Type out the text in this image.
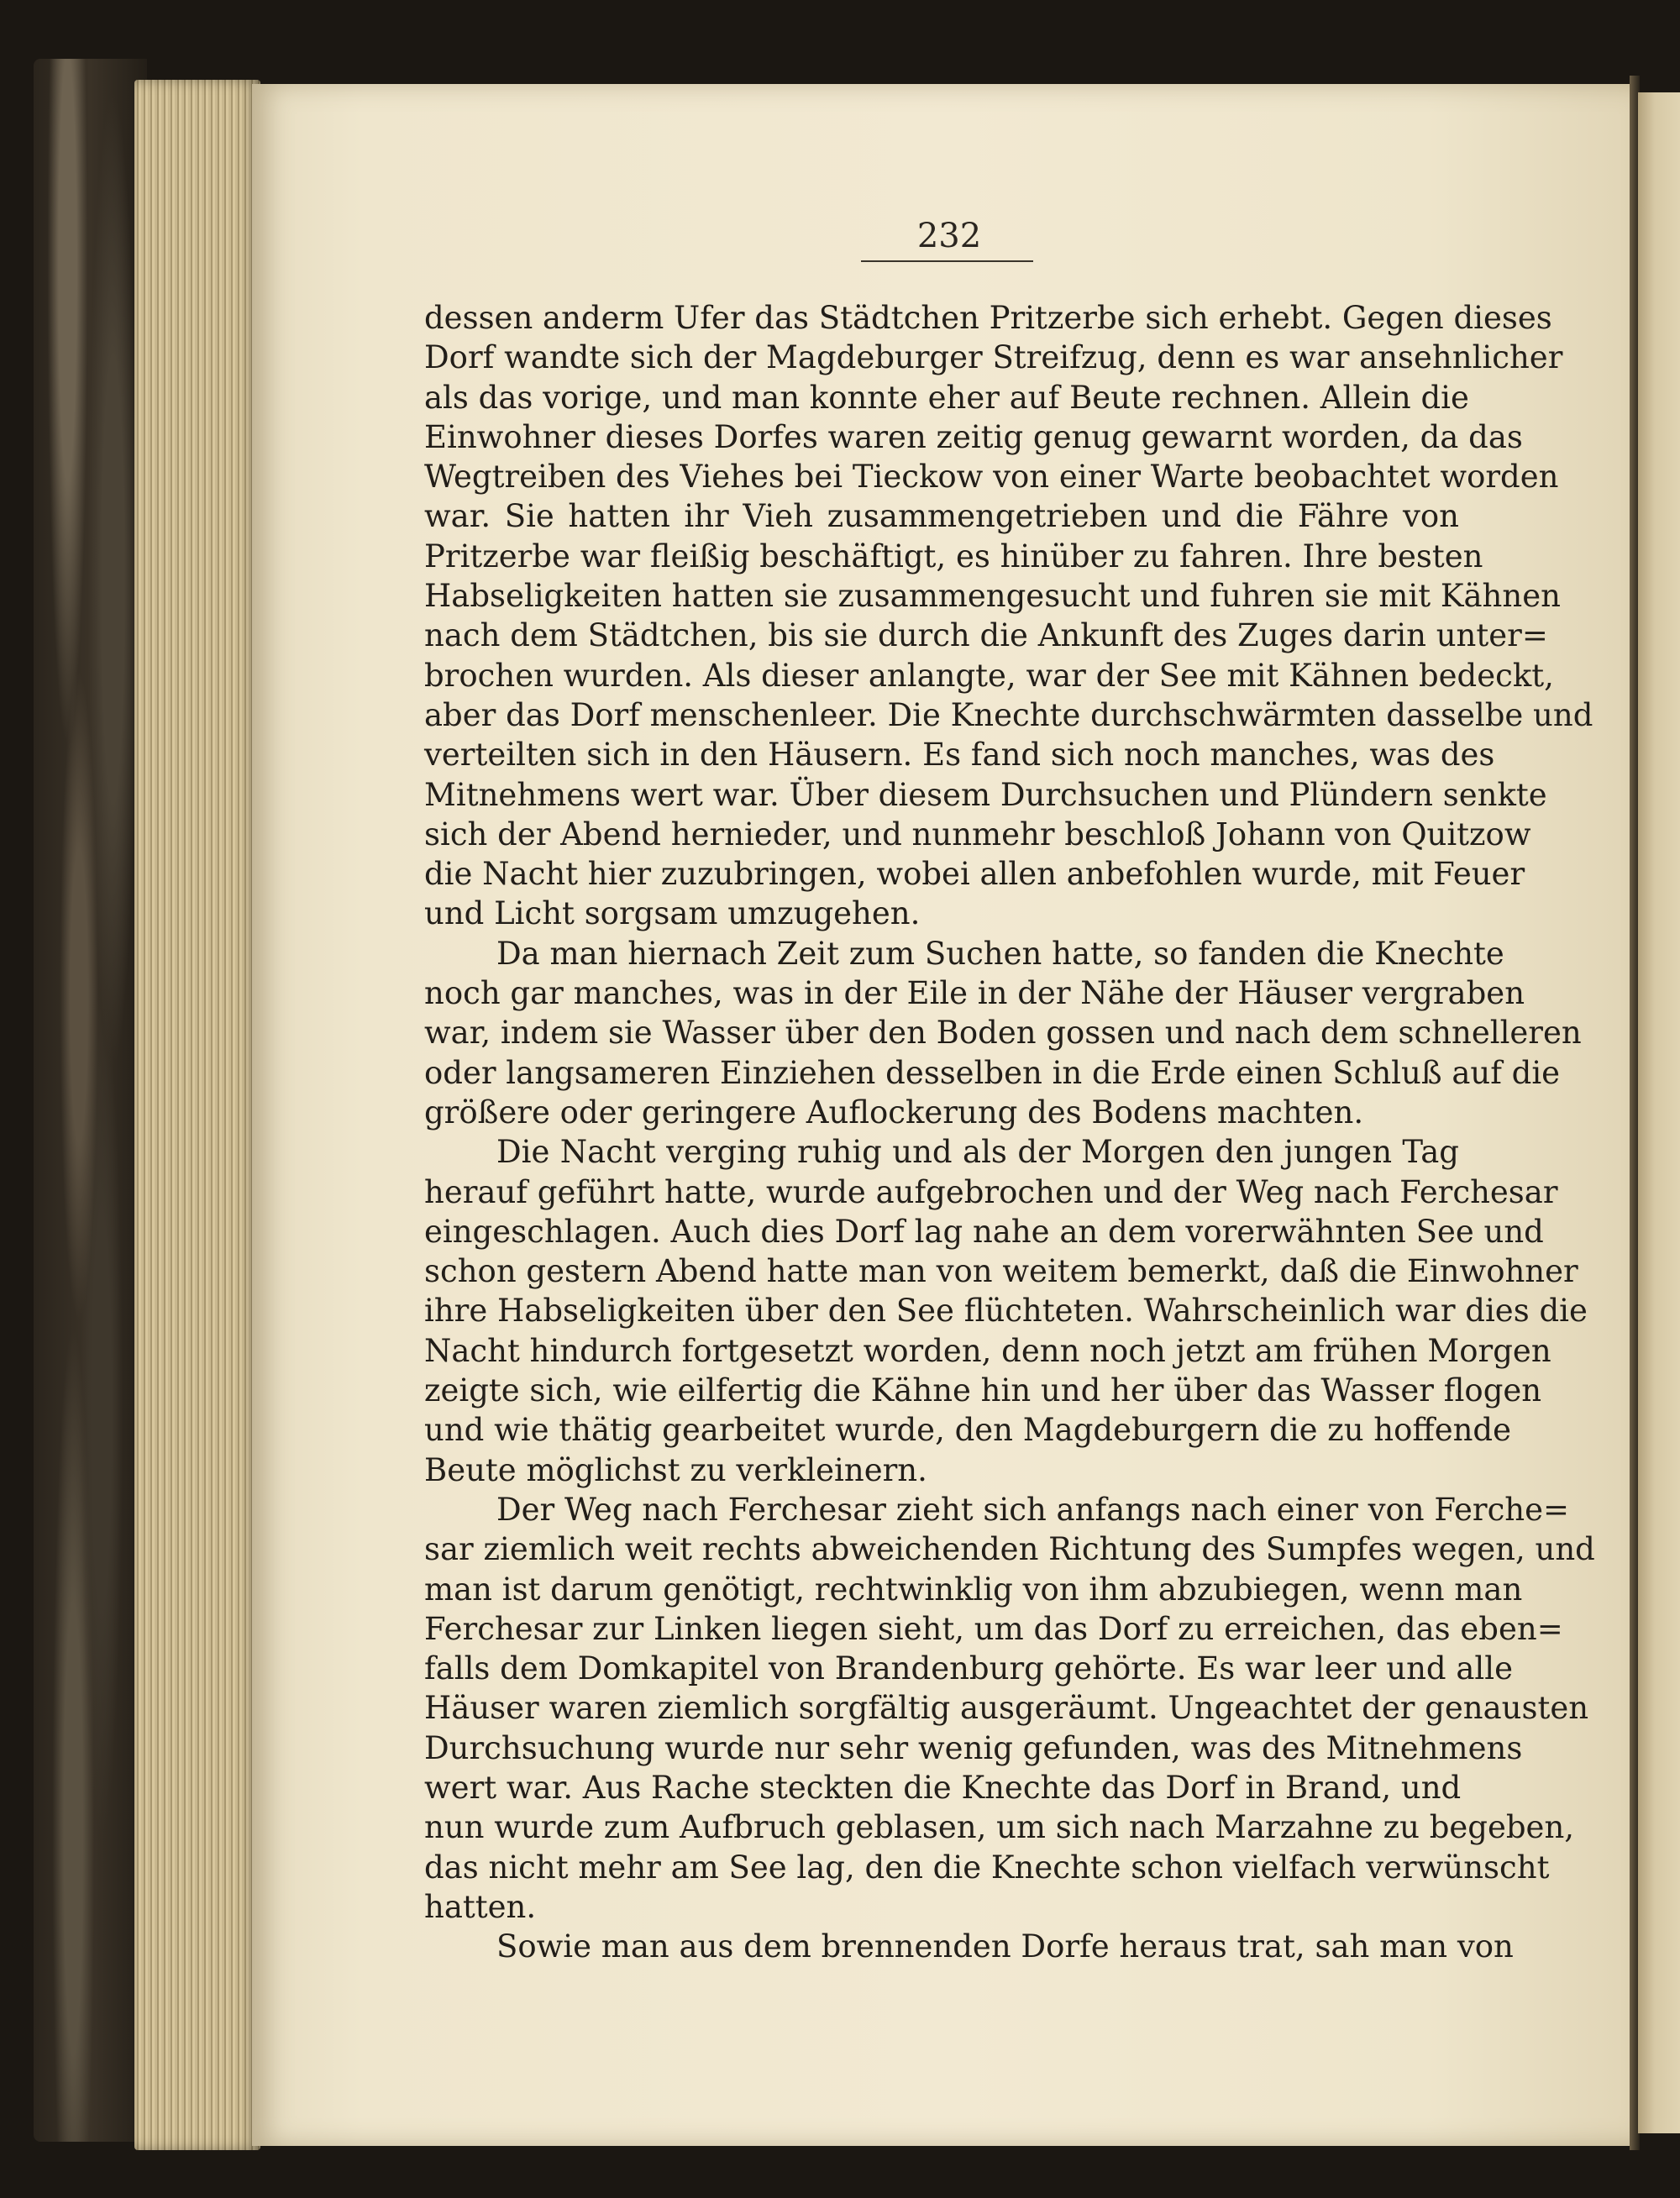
232
dessen anderm Ufer das Städtchen Pritzerbe sich erhebt. Gegen dieses
Dorf wandte sich der Magdeburger Streifzug, denn es war ansehnlicher
als das vorige, und man konnte eher auf Beute rechnen. Allein die
Einwohner dieses Dorfes waren zeitig genug gewarnt worden, da das
Wegtreiben des Viehes bei Tieckow von einer Warte beobachtet worden
war. Sie hatten ihr Vieh zusammengetrieben und die Fähre von
Pritzerbe war fleißig beschäftigt, es hinüber zu fahren. Ihre besten
Habseligkeiten hatten sie zusammengesucht und fuhren sie mit Kähnen
nach dem Städtchen, bis sie durch die Ankunft des Zuges darin unter=
brochen wurden. Als dieser anlangte, war der See mit Kähnen bedeckt,
aber das Dorf menschenleer. Die Knechte durchschwärmten dasselbe und
verteilten sich in den Häusern. Es fand sich noch manches, was des
Mitnehmens wert war. Über diesem Durchsuchen und Plündern senkte
sich der Abend hernieder, und nunmehr beschloß Johann von Quitzow
die Nacht hier zuzubringen, wobei allen anbefohlen wurde, mit Feuer
und Licht sorgsam umzugehen.
Da man hiernach Zeit zum Suchen hatte, so fanden die Knechte
noch gar manches, was in der Eile in der Nähe der Häuser vergraben
war, indem sie Wasser über den Boden gossen und nach dem schnelleren
oder langsameren Einziehen desselben in die Erde einen Schluß auf die
größere oder geringere Auflockerung des Bodens machten.
Die Nacht verging ruhig und als der Morgen den jungen Tag
herauf geführt hatte, wurde aufgebrochen und der Weg nach Ferchesar
eingeschlagen. Auch dies Dorf lag nahe an dem vorerwähnten See und
schon gestern Abend hatte man von weitem bemerkt, daß die Einwohner
ihre Habseligkeiten über den See flüchteten. Wahrscheinlich war dies die
Nacht hindurch fortgesetzt worden, denn noch jetzt am frühen Morgen
zeigte sich, wie eilfertig die Kähne hin und her über das Wasser flogen
und wie thätig gearbeitet wurde, den Magdeburgern die zu hoffende
Beute möglichst zu verkleinern.
Der Weg nach Ferchesar zieht sich anfangs nach einer von Ferche=
sar ziemlich weit rechts abweichenden Richtung des Sumpfes wegen, und
man ist darum genötigt, rechtwinklig von ihm abzubiegen, wenn man
Ferchesar zur Linken liegen sieht, um das Dorf zu erreichen, das eben=
falls dem Domkapitel von Brandenburg gehörte. Es war leer und alle
Häuser waren ziemlich sorgfältig ausgeräumt. Ungeachtet der genausten
Durchsuchung wurde nur sehr wenig gefunden, was des Mitnehmens
wert war. Aus Rache steckten die Knechte das Dorf in Brand, und
nun wurde zum Aufbruch geblasen, um sich nach Marzahne zu begeben,
das nicht mehr am See lag, den die Knechte schon vielfach verwünscht
hatten.
Sowie man aus dem brennenden Dorfe heraus trat, sah man von
